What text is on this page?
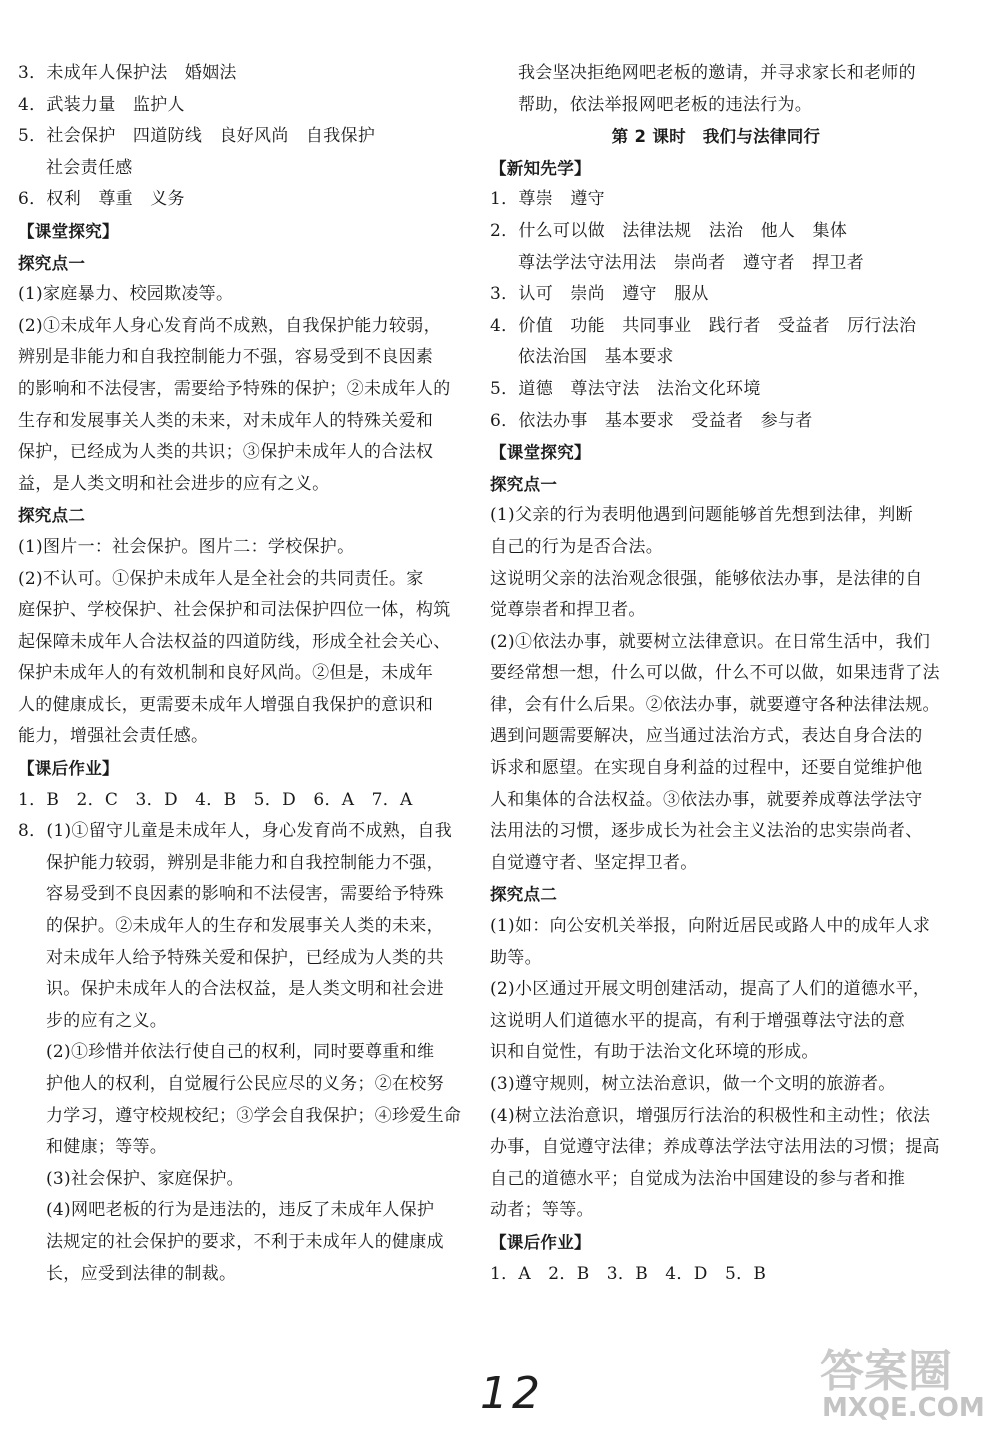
3．未成年人保护法　婚姻法
4．武装力量　监护人
5．社会保护　四道防线　良好风尚　自我保护
社会责任感
6．权利　尊重　义务
【课堂探究】
探究点一
(1)家庭暴力、校园欺凌等。
(2)①未成年人身心发育尚不成熟，自我保护能力较弱，
辨别是非能力和自我控制能力不强，容易受到不良因素
的影响和不法侵害，需要给予特殊的保护；②未成年人的
生存和发展事关人类的未来，对未成年人的特殊关爱和
保护，已经成为人类的共识；③保护未成年人的合法权
益，是人类文明和社会进步的应有之义。
探究点二
(1)图片一：社会保护。图片二：学校保护。
(2)不认可。①保护未成年人是全社会的共同责任。家
庭保护、学校保护、社会保护和司法保护四位一体，构筑
起保障未成年人合法权益的四道防线，形成全社会关心、
保护未成年人的有效机制和良好风尚。②但是，未成年
人的健康成长，更需要未成年人增强自我保护的意识和
能力，增强社会责任感。
【课后作业】
1．B　2．C　3．D　4．B　5．D　6．A　7．A
8．(1)①留守儿童是未成年人，身心发育尚不成熟，自我
保护能力较弱，辨别是非能力和自我控制能力不强，
容易受到不良因素的影响和不法侵害，需要给予特殊
的保护。②未成年人的生存和发展事关人类的未来，
对未成年人给予特殊关爱和保护，已经成为人类的共
识。保护未成年人的合法权益，是人类文明和社会进
步的应有之义。
(2)①珍惜并依法行使自己的权利，同时要尊重和维
护他人的权利，自觉履行公民应尽的义务；②在校努
力学习，遵守校规校纪；③学会自我保护；④珍爱生命
和健康；等等。
(3)社会保护、家庭保护。
(4)网吧老板的行为是违法的，违反了未成年人保护
法规定的社会保护的要求，不利于未成年人的健康成
长，应受到法律的制裁。
我会坚决拒绝网吧老板的邀请，并寻求家长和老师的
帮助，依法举报网吧老板的违法行为。
第 2 课时　我们与法律同行
【新知先学】
1．尊崇　遵守
2．什么可以做　法律法规　法治　他人　集体
尊法学法守法用法　崇尚者　遵守者　捍卫者
3．认可　崇尚　遵守　服从
4．价值　功能　共同事业　践行者　受益者　厉行法治
依法治国　基本要求
5．道德　尊法守法　法治文化环境
6．依法办事　基本要求　受益者　参与者
【课堂探究】
探究点一
(1)父亲的行为表明他遇到问题能够首先想到法律，判断
自己的行为是否合法。
这说明父亲的法治观念很强，能够依法办事，是法律的自
觉尊崇者和捍卫者。
(2)①依法办事，就要树立法律意识。在日常生活中，我们
要经常想一想，什么可以做，什么不可以做，如果违背了法
律，会有什么后果。②依法办事，就要遵守各种法律法规。
遇到问题需要解决，应当通过法治方式，表达自身合法的
诉求和愿望。在实现自身利益的过程中，还要自觉维护他
人和集体的合法权益。③依法办事，就要养成尊法学法守
法用法的习惯，逐步成长为社会主义法治的忠实崇尚者、
自觉遵守者、坚定捍卫者。
探究点二
(1)如：向公安机关举报，向附近居民或路人中的成年人求
助等。
(2)小区通过开展文明创建活动，提高了人们的道德水平，
这说明人们道德水平的提高，有利于增强尊法守法的意
识和自觉性，有助于法治文化环境的形成。
(3)遵守规则，树立法治意识，做一个文明的旅游者。
(4)树立法治意识，增强厉行法治的积极性和主动性；依法
办事，自觉遵守法律；养成尊法学法守法用法的习惯；提高
自己的道德水平；自觉成为法治中国建设的参与者和推
动者；等等。
【课后作业】
1．A　2．B　3．B　4．D　5．B
12	答案圈
MXQE.COM
